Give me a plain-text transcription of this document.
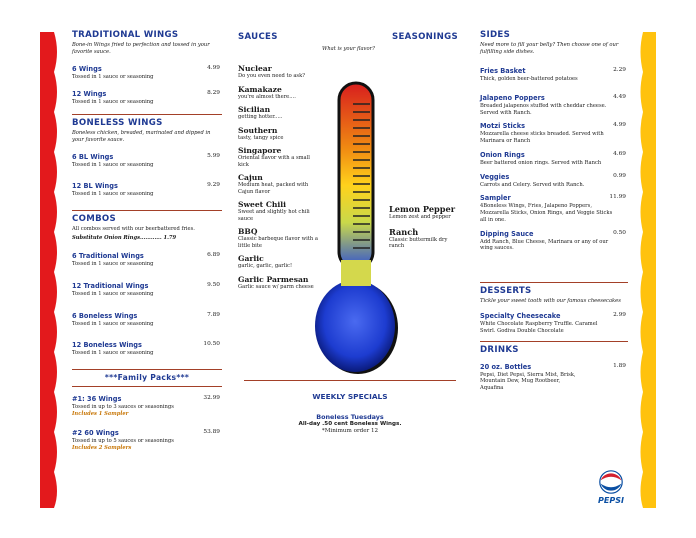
TRADITIONAL WINGS
Bone-in Wings fried to perfection and tossed in your favorite sauce.
6 Wings	4.99
Tossed in 1 sauce or seasoning
12 Wings	8.29
Tossed in 1 sauce or seasoning
BONELESS WINGS
Boneless chicken, breaded, marinated and dipped in your favorite sauce.
6 BL Wings	5.99
Tossed in 1 sauce or seasoning
12 BL Wings	9.29
Tossed in 1 sauce or seasoning
COMBOS
All combos served with our beerbattered fries.
Substitute Onion Rings............ 1.79
6 Traditional Wings	6.89
Tossed in 1 sauce or seasoning
12 Traditional Wings	9.50
Tossed in 1 sauce or seasoning
6 Boneless Wings	7.89
Tossed in 1 sauce or seasoning
12 Boneless Wings	10.50
Tossed in 1 sauce or seasoning
***Family Packs***
#1: 36 Wings	32.99
Tossed in up to 3 sauces or seasonings
Includes 1 Sampler
#2 60 Wings	53.89
Tossed in up to 5 sauces or seasonings
Includes 2 Samplers
SAUCES	SEASONINGS
What is your flavor?
Nuclear
Do you even need to ask?
Kamakaze
you're almost there....
Sicilian
getting hotter.....
Southern
tasty, tangy spice
Singapore
Oriental flavor with a small kick
Cajun
Medium heat, packed with Cajun flavor
Sweet Chili
Sweet and slightly hot chili sauce
BBQ
Classic barbeque flavor with a little bite
Garlic
garlic, garlic, garlic!
Garlic Parmesan
Garlic sauce w/ parm cheese
Lemon Pepper
Lemon zest and pepper
Ranch
Classic buttermilk dry ranch
WEEKLY SPECIALS
Boneless Tuesdays
All-day .50 cent Boneless Wings.
*Minimum order 12
SIDES
Need more to fill your belly? Then choose one of our fulfilling side dishes.
Fries Basket	2.29
Thick, golden beer-battered potatoes
Jalapeno Poppers	4.49
Breaded jalapenos stuffed with cheddar cheese. Served with Ranch.
Motzi Sticks	4.99
Mozzarella cheese sticks breaded. Served with Marinara or Ranch
Onion Rings	4.69
Beer battered onion rings. Served with Ranch
Veggies	0.99
Carrots and Celery. Served with Ranch.
Sampler	11.99
4Boneless Wings, Fries, Jalapeno Poppers, Mozzarella Sticks, Onion Rings, and Veggie Sticks all in one.
Dipping Sauce	0.50
Add Ranch, Blue Cheese, Marinara or any of our wing sauces.
DESSERTS
Tickle your sweet tooth with our famous cheesecakes
Specialty Cheesecake	2.99
White Chocolate Raspberry Truffle. Caramel Swirl. Godiva Double Chocolate
DRINKS
20 oz. Bottles	1.89
Pepsi, Diet Pepsi, Sierra Mist, Brisk, Mountain Dew, Mug Rootbeer, Aquafina
PEPSI
